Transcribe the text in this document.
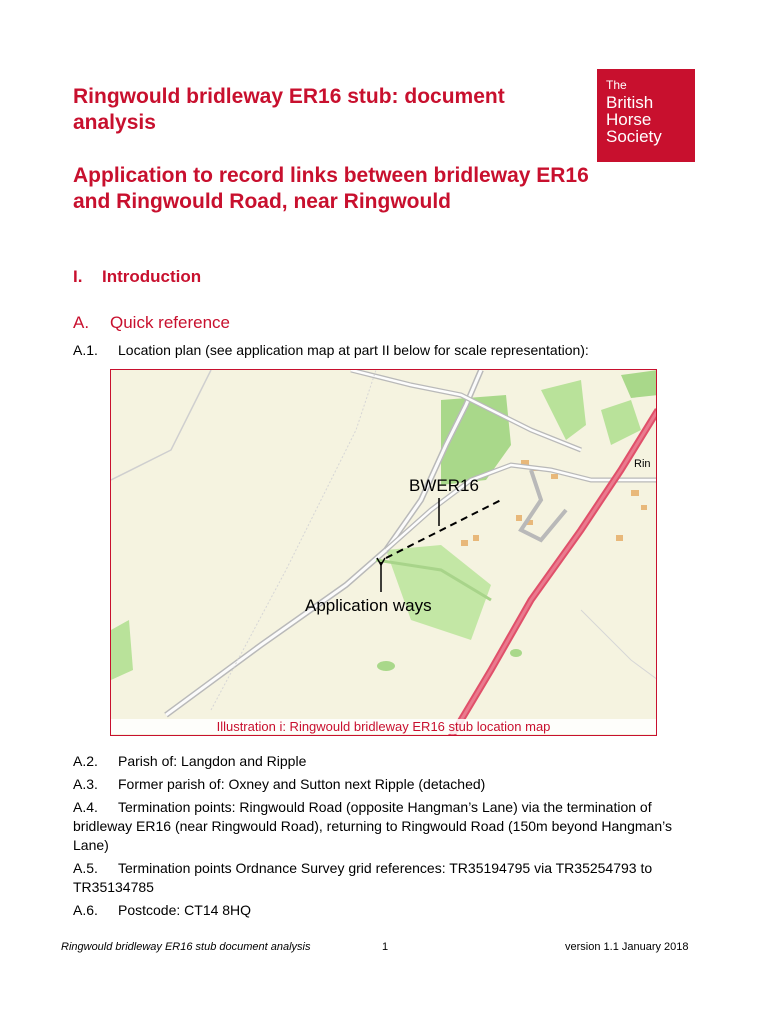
The
British
Horse
Society
Ringwould bridleway ER16 stub: document analysis
Application to record links between bridleway ER16 and Ringwould Road, near Ringwould
I. Introduction
A. Quick reference
A.1. Location plan (see application map at part II below for scale representation):
BWER16
Application ways
Rin
Illustration i: Ringwould bridleway ER16 stub location map
A.2. Parish of: Langdon and Ripple
A.3. Former parish of: Oxney and Sutton next Ripple (detached)
A.4. Termination points: Ringwould Road (opposite Hangman’s Lane) via the termination of bridleway ER16 (near Ringwould Road), returning to Ringwould Road (150m beyond Hangman’s Lane)
A.5. Termination points Ordnance Survey grid references: TR35194795 via TR35254793 to TR35134785
A.6. Postcode: CT14 8HQ
Ringwould bridleway ER16 stub document analysis	1	version 1.1 January 2018
